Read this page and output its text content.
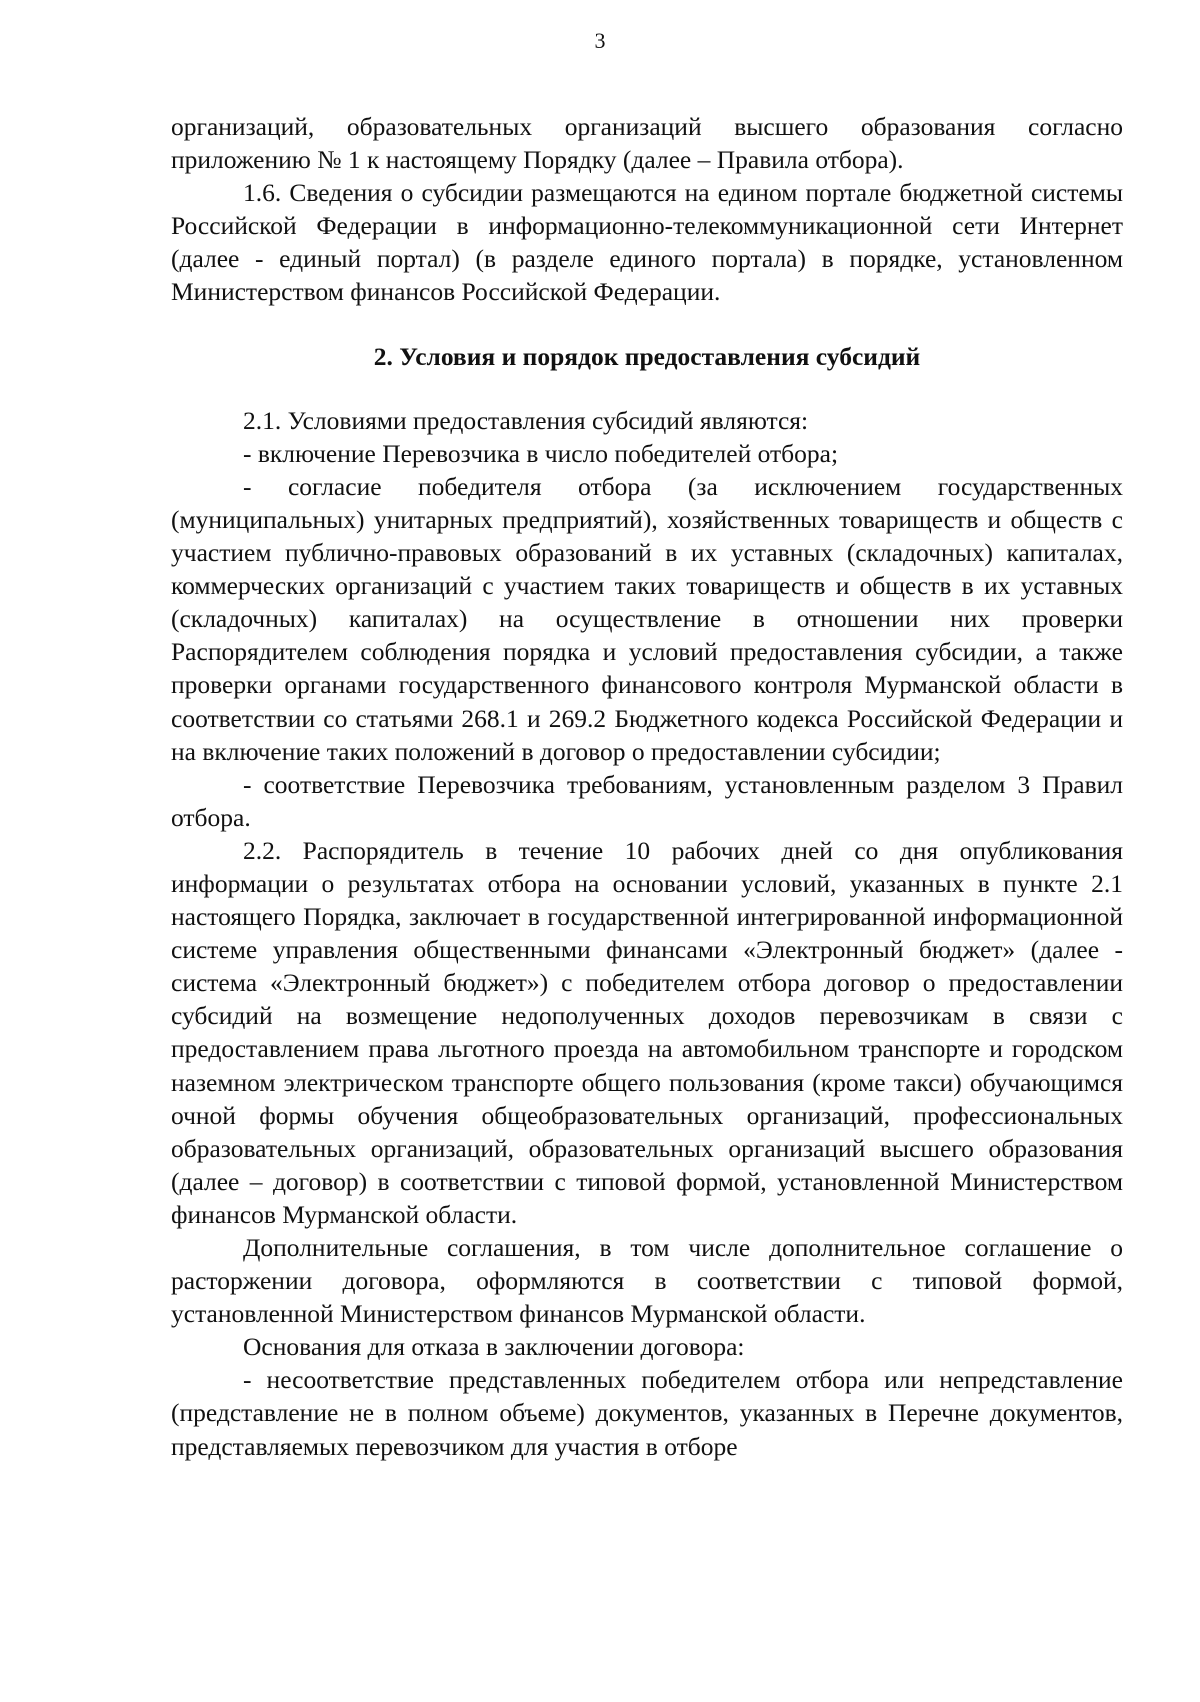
3

организаций, образовательных организаций высшего образования согласно приложению № 1 к настоящему Порядку (далее – Правила отбора).

1.6. Сведения о субсидии размещаются на едином портале бюджетной системы Российской Федерации в информационно-телекоммуникационной сети Интернет (далее - единый портал) (в разделе единого портала) в порядке, установленном Министерством финансов Российской Федерации.

2. Условия и порядок предоставления субсидий

2.1. Условиями предоставления субсидий являются:

- включение Перевозчика в число победителей отбора;

- согласие победителя отбора (за исключением государственных (муниципальных) унитарных предприятий), хозяйственных товариществ и обществ с участием публично-правовых образований в их уставных (складочных) капиталах, коммерческих организаций с участием таких товариществ и обществ в их уставных (складочных) капиталах) на осуществление в отношении них проверки Распорядителем соблюдения порядка и условий предоставления субсидии, а также проверки органами государственного финансового контроля Мурманской области в соответствии со статьями 268.1 и 269.2 Бюджетного кодекса Российской Федерации и на включение таких положений в договор о предоставлении субсидии;

- соответствие Перевозчика требованиям, установленным разделом 3 Правил отбора.

2.2. Распорядитель в течение 10 рабочих дней со дня опубликования информации о результатах отбора на основании условий, указанных в пункте 2.1 настоящего Порядка, заключает в государственной интегрированной информационной системе управления общественными финансами «Электронный бюджет» (далее - система «Электронный бюджет») с победителем отбора договор о предоставлении субсидий на возмещение недополученных доходов перевозчикам в связи с предоставлением права льготного проезда на автомобильном транспорте и городском наземном электрическом транспорте общего пользования (кроме такси) обучающимся очной формы обучения общеобразовательных организаций, профессиональных образовательных организаций, образовательных организаций высшего образования (далее – договор) в соответствии с типовой формой, установленной Министерством финансов Мурманской области.

Дополнительные соглашения, в том числе дополнительное соглашение о расторжении договора, оформляются в соответствии с типовой формой, установленной Министерством финансов Мурманской области.

Основания для отказа в заключении договора:

- несоответствие представленных победителем отбора или непредставление (представление не в полном объеме) документов, указанных в Перечне документов, представляемых перевозчиком для участия в отборе
